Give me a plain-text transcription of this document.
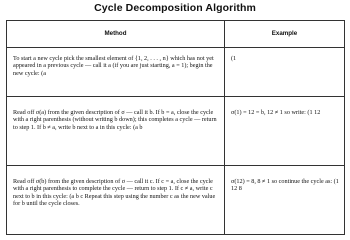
Cycle Decomposition Algorithm
Method	Example
To start a new cycle pick the smallest element of {1, 2, . . . , n} which has not yet appeared in a previous cycle — call it a (if you are just starting, a = 1); begin the new cycle: (a	(1
Read off σ(a) from the given description of σ — call it b. If b = a, close the cycle with a right parenthesis (without writing b down); this completes a cycle — return to step 1. If b ≠ a, write b next to a in this cycle: (a b	σ(1) = 12 = b, 12 ≠ 1 so write: (1 12
Read off σ(b) from the given description of σ — call it c. If c = a, close the cycle with a right parenthesis to complete the cycle — return to step 1. If c ≠ a, write c next to b in this cycle: (a b c Repeat this step using the number c as the new value for b until the cycle closes.	σ(12) = 8, 8 ≠ 1 so continue the cycle as: (1 12 8
